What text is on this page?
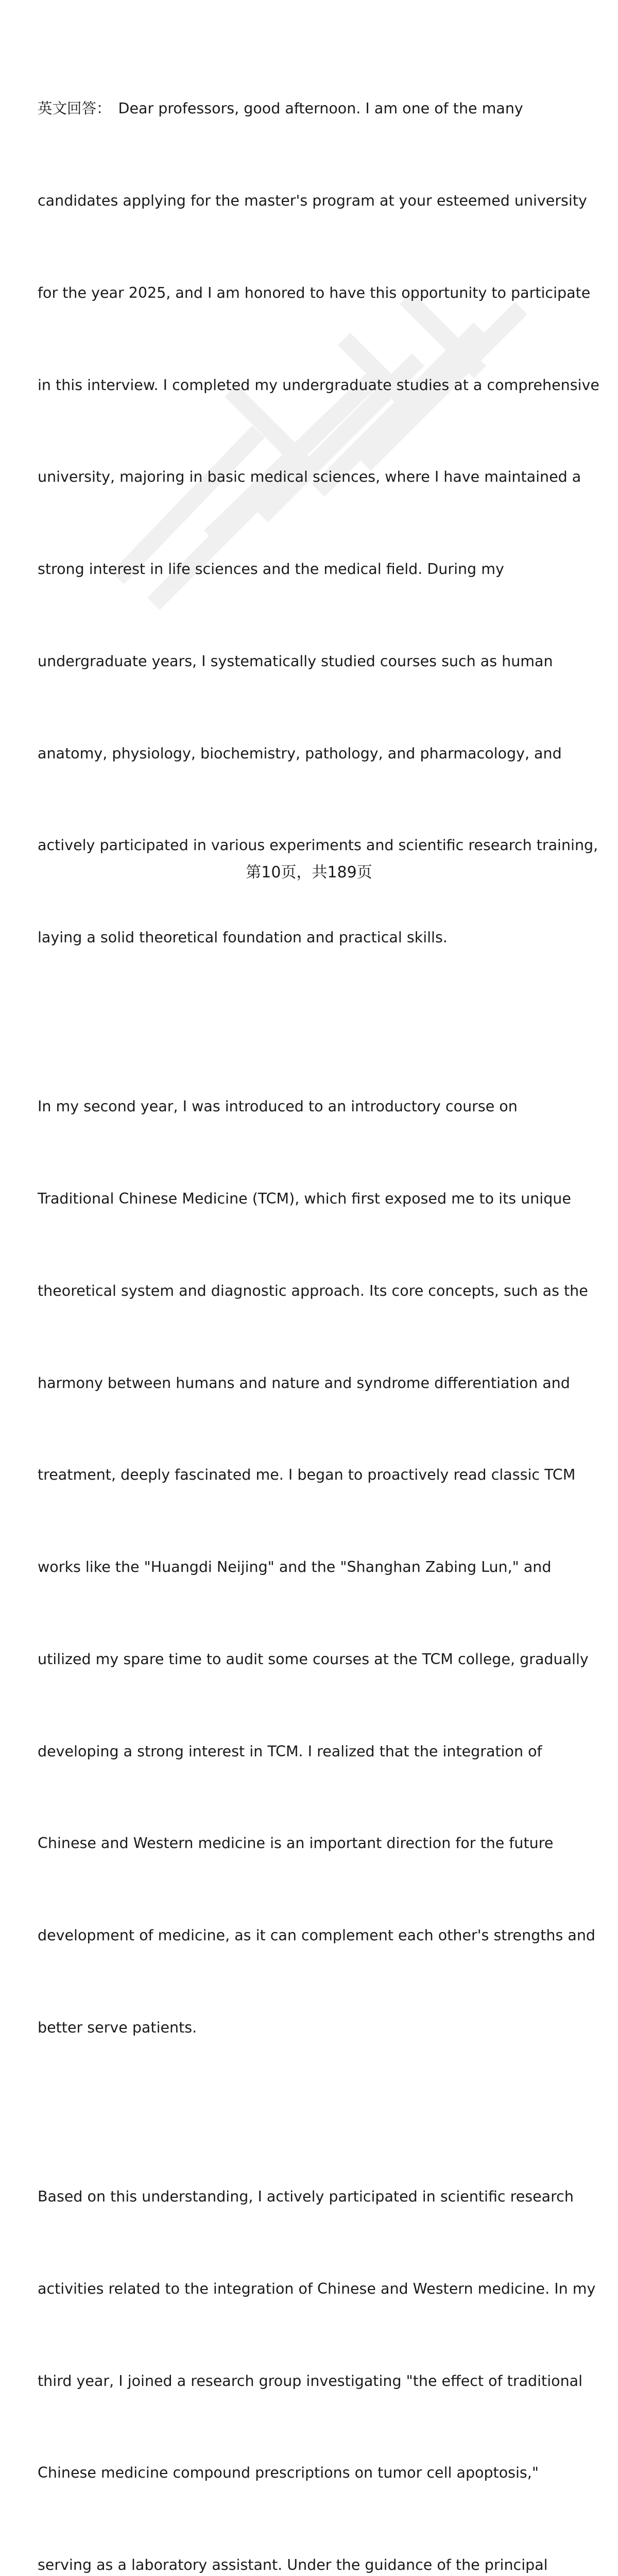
英文回答： Dear professors, good afternoon. I am one of the many

candidates applying for the master's program at your esteemed university

for the year 2025, and I am honored to have this opportunity to participate

in this interview. I completed my undergraduate studies at a comprehensive

university, majoring in basic medical sciences, where I have maintained a

strong interest in life sciences and the medical field. During my

undergraduate years, I systematically studied courses such as human

anatomy, physiology, biochemistry, pathology, and pharmacology, and

actively participated in various experiments and scientific research training,

laying a solid theoretical foundation and practical skills.

In my second year, I was introduced to an introductory course on

Traditional Chinese Medicine (TCM), which first exposed me to its unique

theoretical system and diagnostic approach. Its core concepts, such as the

harmony between humans and nature and syndrome differentiation and

treatment, deeply fascinated me. I began to proactively read classic TCM

works like the "Huangdi Neijing" and the "Shanghan Zabing Lun," and

utilized my spare time to audit some courses at the TCM college, gradually

developing a strong interest in TCM. I realized that the integration of

Chinese and Western medicine is an important direction for the future

development of medicine, as it can complement each other's strengths and

better serve patients.

Based on this understanding, I actively participated in scientific research

activities related to the integration of Chinese and Western medicine. In my

third year, I joined a research group investigating "the effect of traditional

Chinese medicine compound prescriptions on tumor cell apoptosis,"

serving as a laboratory assistant. Under the guidance of the principal

第10页，共189页
